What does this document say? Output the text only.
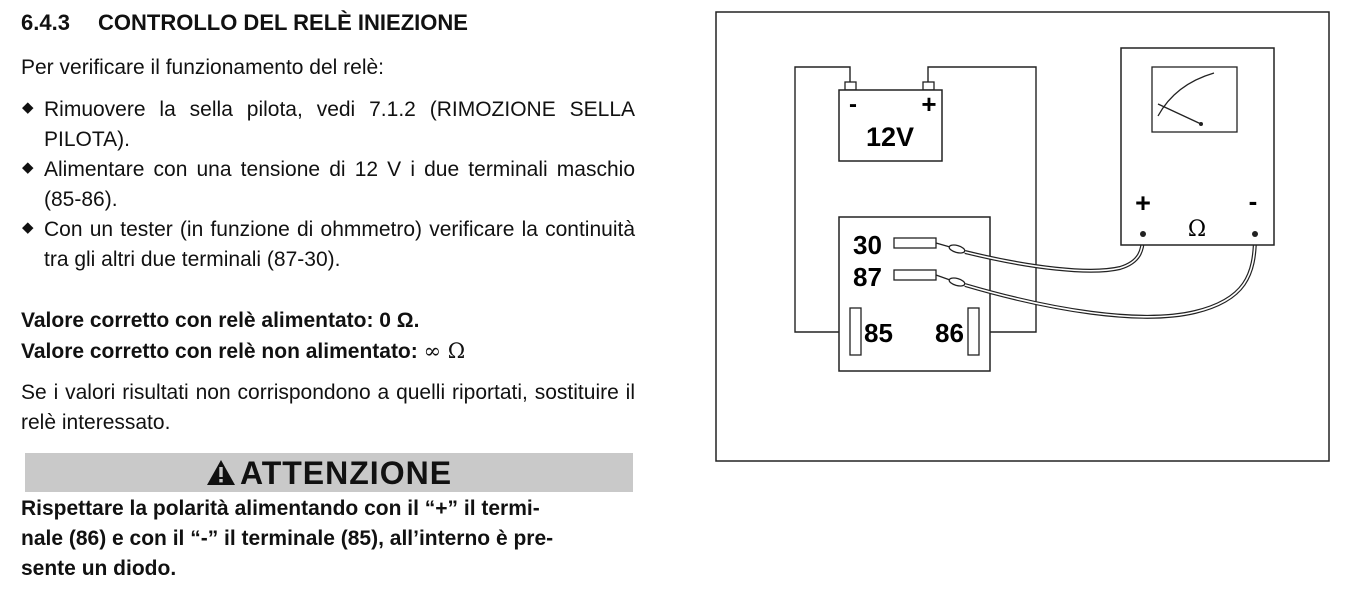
6.4.3 CONTROLLO DEL RELÈ INIEZIONE
Per verificare il funzionamento del relè:
◆ Rimuovere la sella pilota, vedi 7.1.2 (RIMOZIONE SELLA PILOTA).
◆ Alimentare con una tensione di 12 V i due terminali maschio (85-86).
◆ Con un tester (in funzione di ohmmetro) verificare la continuità tra gli altri due terminali (87-30).
Valore corretto con relè alimentato: 0 Ω.
Valore corretto con relè non alimentato: ∞ Ω
Se i valori risultati non corrispondono a quelli riportati, sostituire il relè interessato.
ATTENZIONE
Rispettare la polarità alimentando con il “+” il termi-
nale (86) e con il “-” il terminale (85), all’interno è pre-
sente un diodo.
- +
12V
30
87
85 86
+	-
Ω
